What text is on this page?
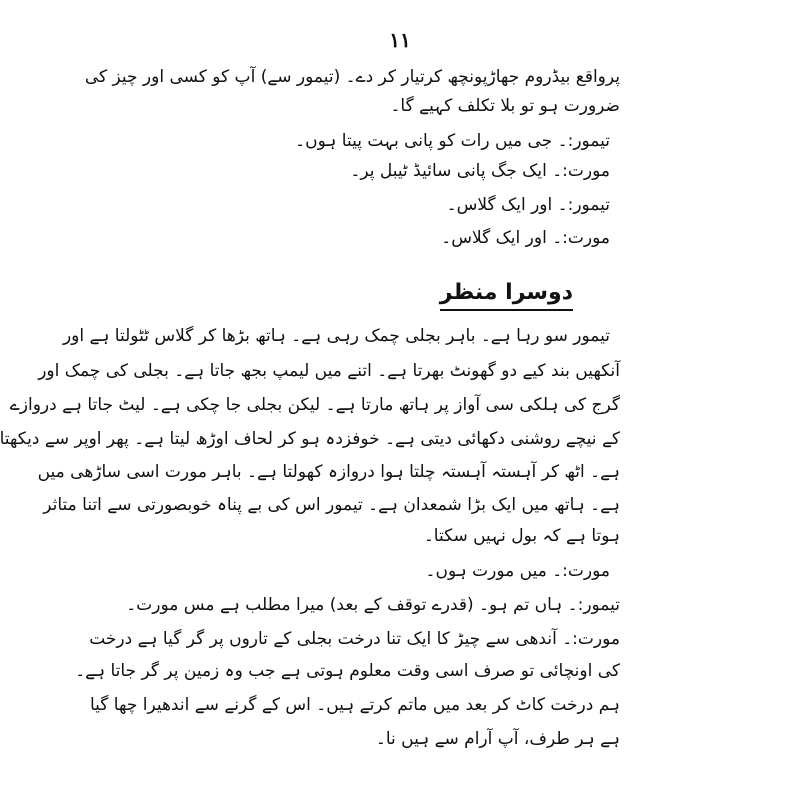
۱۱
پرواقع بیڈروم جھاڑپونچھ کرتیار کر دے۔ (تیمور سے) آپ کو کسی اور چیز کی
ضرورت ہو تو بلا تکلف کہیے گا۔
تیمور:۔ جی میں رات کو پانی بہت پیتا ہوں۔
مورت:۔ ایک جگ پانی سائیڈ ٹیبل پر۔
تیمور:۔ اور ایک گلاس۔
مورت:۔ اور ایک گلاس۔
دوسرا منظر
تیمور سو رہا ہے۔ باہر بجلی چمک رہی ہے۔ ہاتھ بڑھا کر گلاس ٹٹولتا ہے اور
آنکھیں بند کیے دو گھونٹ بھرتا ہے۔ اتنے میں لیمپ بجھ جاتا ہے۔ بجلی کی چمک اور
گرج کی ہلکی سی آواز پر ہاتھ مارتا ہے۔ لیکن بجلی جا چکی ہے۔ لیٹ جاتا ہے دروازے
کے نیچے روشنی دکھائی دیتی ہے۔ خوفزدہ ہو کر لحاف اوڑھ لیتا ہے۔ پھر اوپر سے دیکھتا
ہے۔ اٹھ کر آہستہ آہستہ چلتا ہوا دروازہ کھولتا ہے۔ باہر مورت اسی ساڑھی میں
ہے۔ ہاتھ میں ایک بڑا شمعدان ہے۔ تیمور اس کی بے پناہ خوبصورتی سے اتنا متاثر
ہوتا ہے کہ بول نہیں سکتا۔
مورت:۔ میں مورت ہوں۔
تیمور:۔ ہاں تم ہو۔ (قدرے توقف کے بعد) میرا مطلب ہے مس مورت۔
مورت:۔ آندھی سے چیڑ کا ایک تنا درخت بجلی کے تاروں پر گر گیا ہے درخت
کی اونچائی تو صرف اسی وقت معلوم ہوتی ہے جب وہ زمین پر گر جاتا ہے۔
ہم درخت کاٹ کر بعد میں ماتم کرتے ہیں۔ اس کے گرنے سے اندھیرا چھا گیا
ہے ہر طرف، آپ آرام سے ہیں نا۔
